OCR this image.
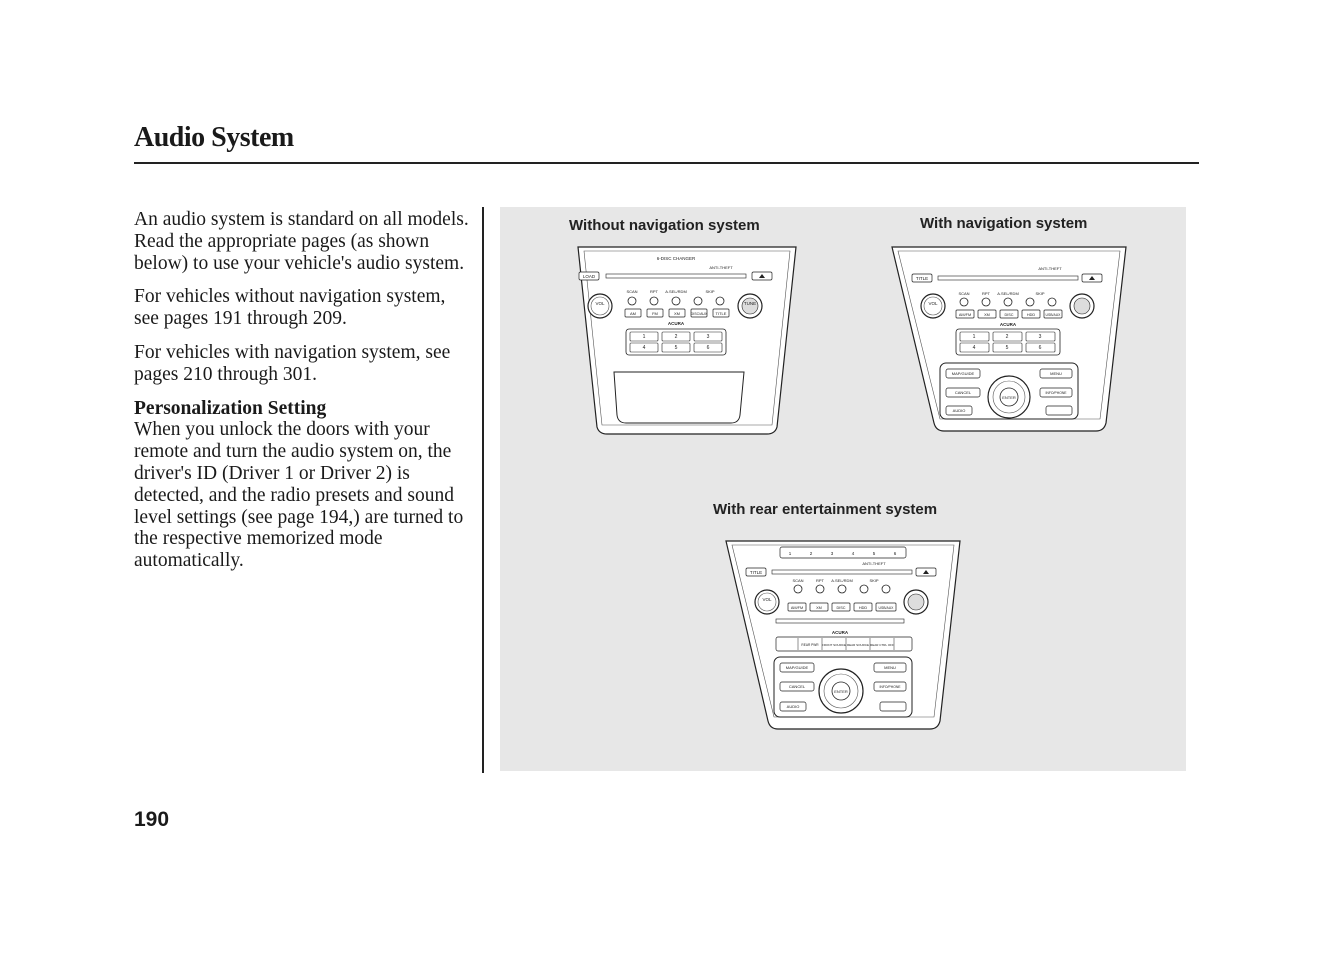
Audio System

An audio system is standard on all models. Read the appropriate pages (as shown below) to use your vehicle's audio system.

For vehicles without navigation system, see pages 191 through 209.

For vehicles with navigation system, see pages 210 through 301.

Personalization Setting

When you unlock the doors with your remote and turn the audio system on, the driver's ID (Driver 1 or Driver 2) is detected, and the radio presets and sound level settings (see page 194,) are turned to the respective memorized mode automatically.

Without navigation system	With navigation system
With rear entertainment system
6-DISC CHANGER
LOAD
ANTI-THEFT
VOL	TUNE
SCAN	RPT A.SEL/RDM	SKIP
AM	FM	XM	DISC/AUX TITLE
ACURA
1	2	3
4	5	6
TITLE
ANTI-THEFT
VOL
SCAN	RPT A.SEL/RDM	SKIP
AM/FM	XM	DISC	HDD	USB/AUX
ACURA
1	2	3
4	5	6
MAP/GUIDE
CANCEL
AUDIO
MENU
INFO/PHONE
ENTER
1	2	3	4	5	6
TITLE
ANTI-THEFT
VOL
SCAN	RPT A.SEL/RDM	SKIP
AM/FM	XM	DISC	HDD	USB/AUX
ACURA
REAR PWR FRONT SOURCE REAR SOURCE REAR CTRL OFF
MAP/GUIDE
CANCEL
AUDIO
MENU
INFO/PHONE
ENTER
190
